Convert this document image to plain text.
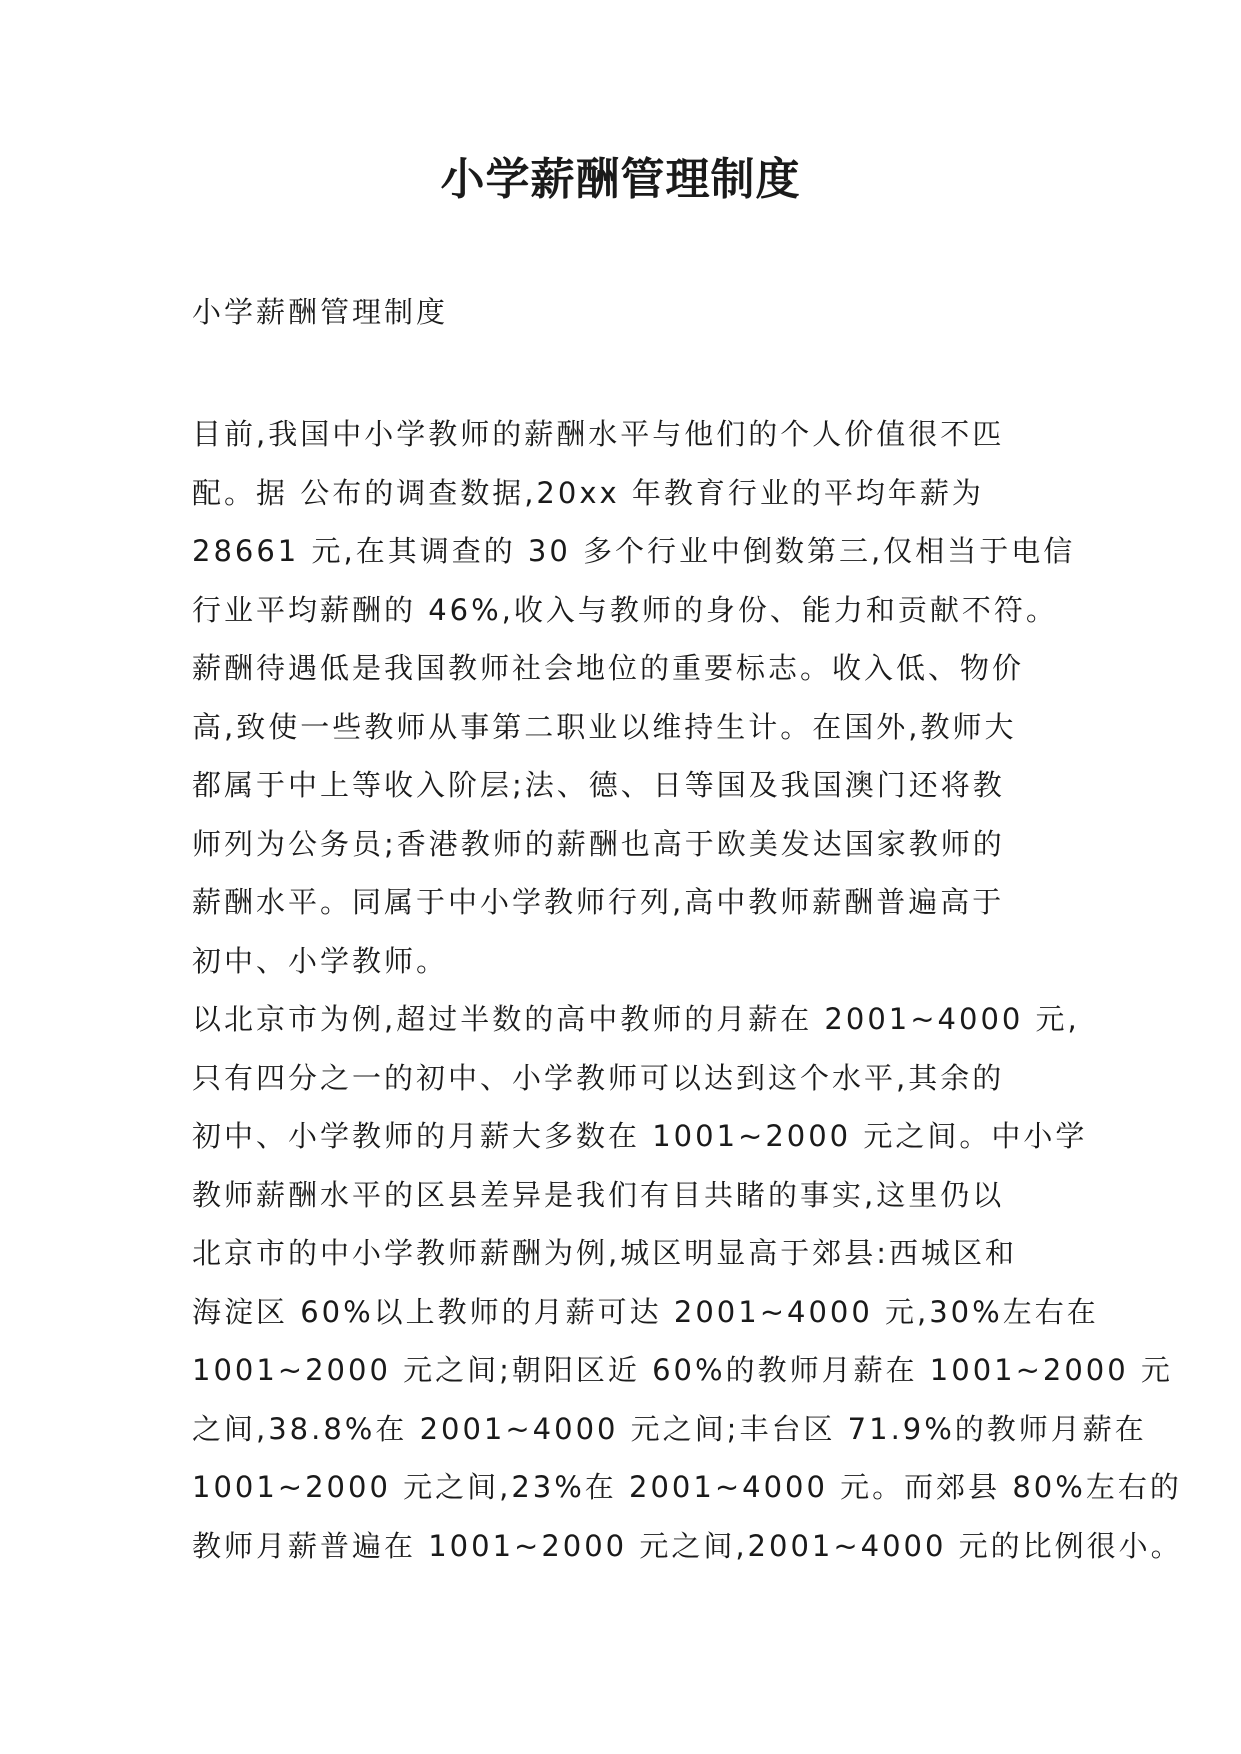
小学薪酬管理制度

小学薪酬管理制度

目前,我国中小学教师的薪酬水平与他们的个人价值很不匹

配。据 公布的调查数据,20xx 年教育行业的平均年薪为

28661 元,在其调查的 30 多个行业中倒数第三,仅相当于电信

行业平均薪酬的 46%,收入与教师的身份、能力和贡献不符。

薪酬待遇低是我国教师社会地位的重要标志。收入低、物价

高,致使一些教师从事第二职业以维持生计。在国外,教师大

都属于中上等收入阶层;法、德、日等国及我国澳门还将教

师列为公务员;香港教师的薪酬也高于欧美发达国家教师的

薪酬水平。同属于中小学教师行列,高中教师薪酬普遍高于

初中、小学教师。

以北京市为例,超过半数的高中教师的月薪在 2001~4000 元,

只有四分之一的初中、小学教师可以达到这个水平,其余的

初中、小学教师的月薪大多数在 1001~2000 元之间。中小学

教师薪酬水平的区县差异是我们有目共睹的事实,这里仍以

北京市的中小学教师薪酬为例,城区明显高于郊县:西城区和

海淀区 60%以上教师的月薪可达 2001~4000 元,30%左右在

1001~2000 元之间;朝阳区近 60%的教师月薪在 1001~2000 元

之间,38.8%在 2001~4000 元之间;丰台区 71.9%的教师月薪在

1001~2000 元之间,23%在 2001~4000 元。而郊县 80%左右的

教师月薪普遍在 1001~2000 元之间,2001~4000 元的比例很小。
